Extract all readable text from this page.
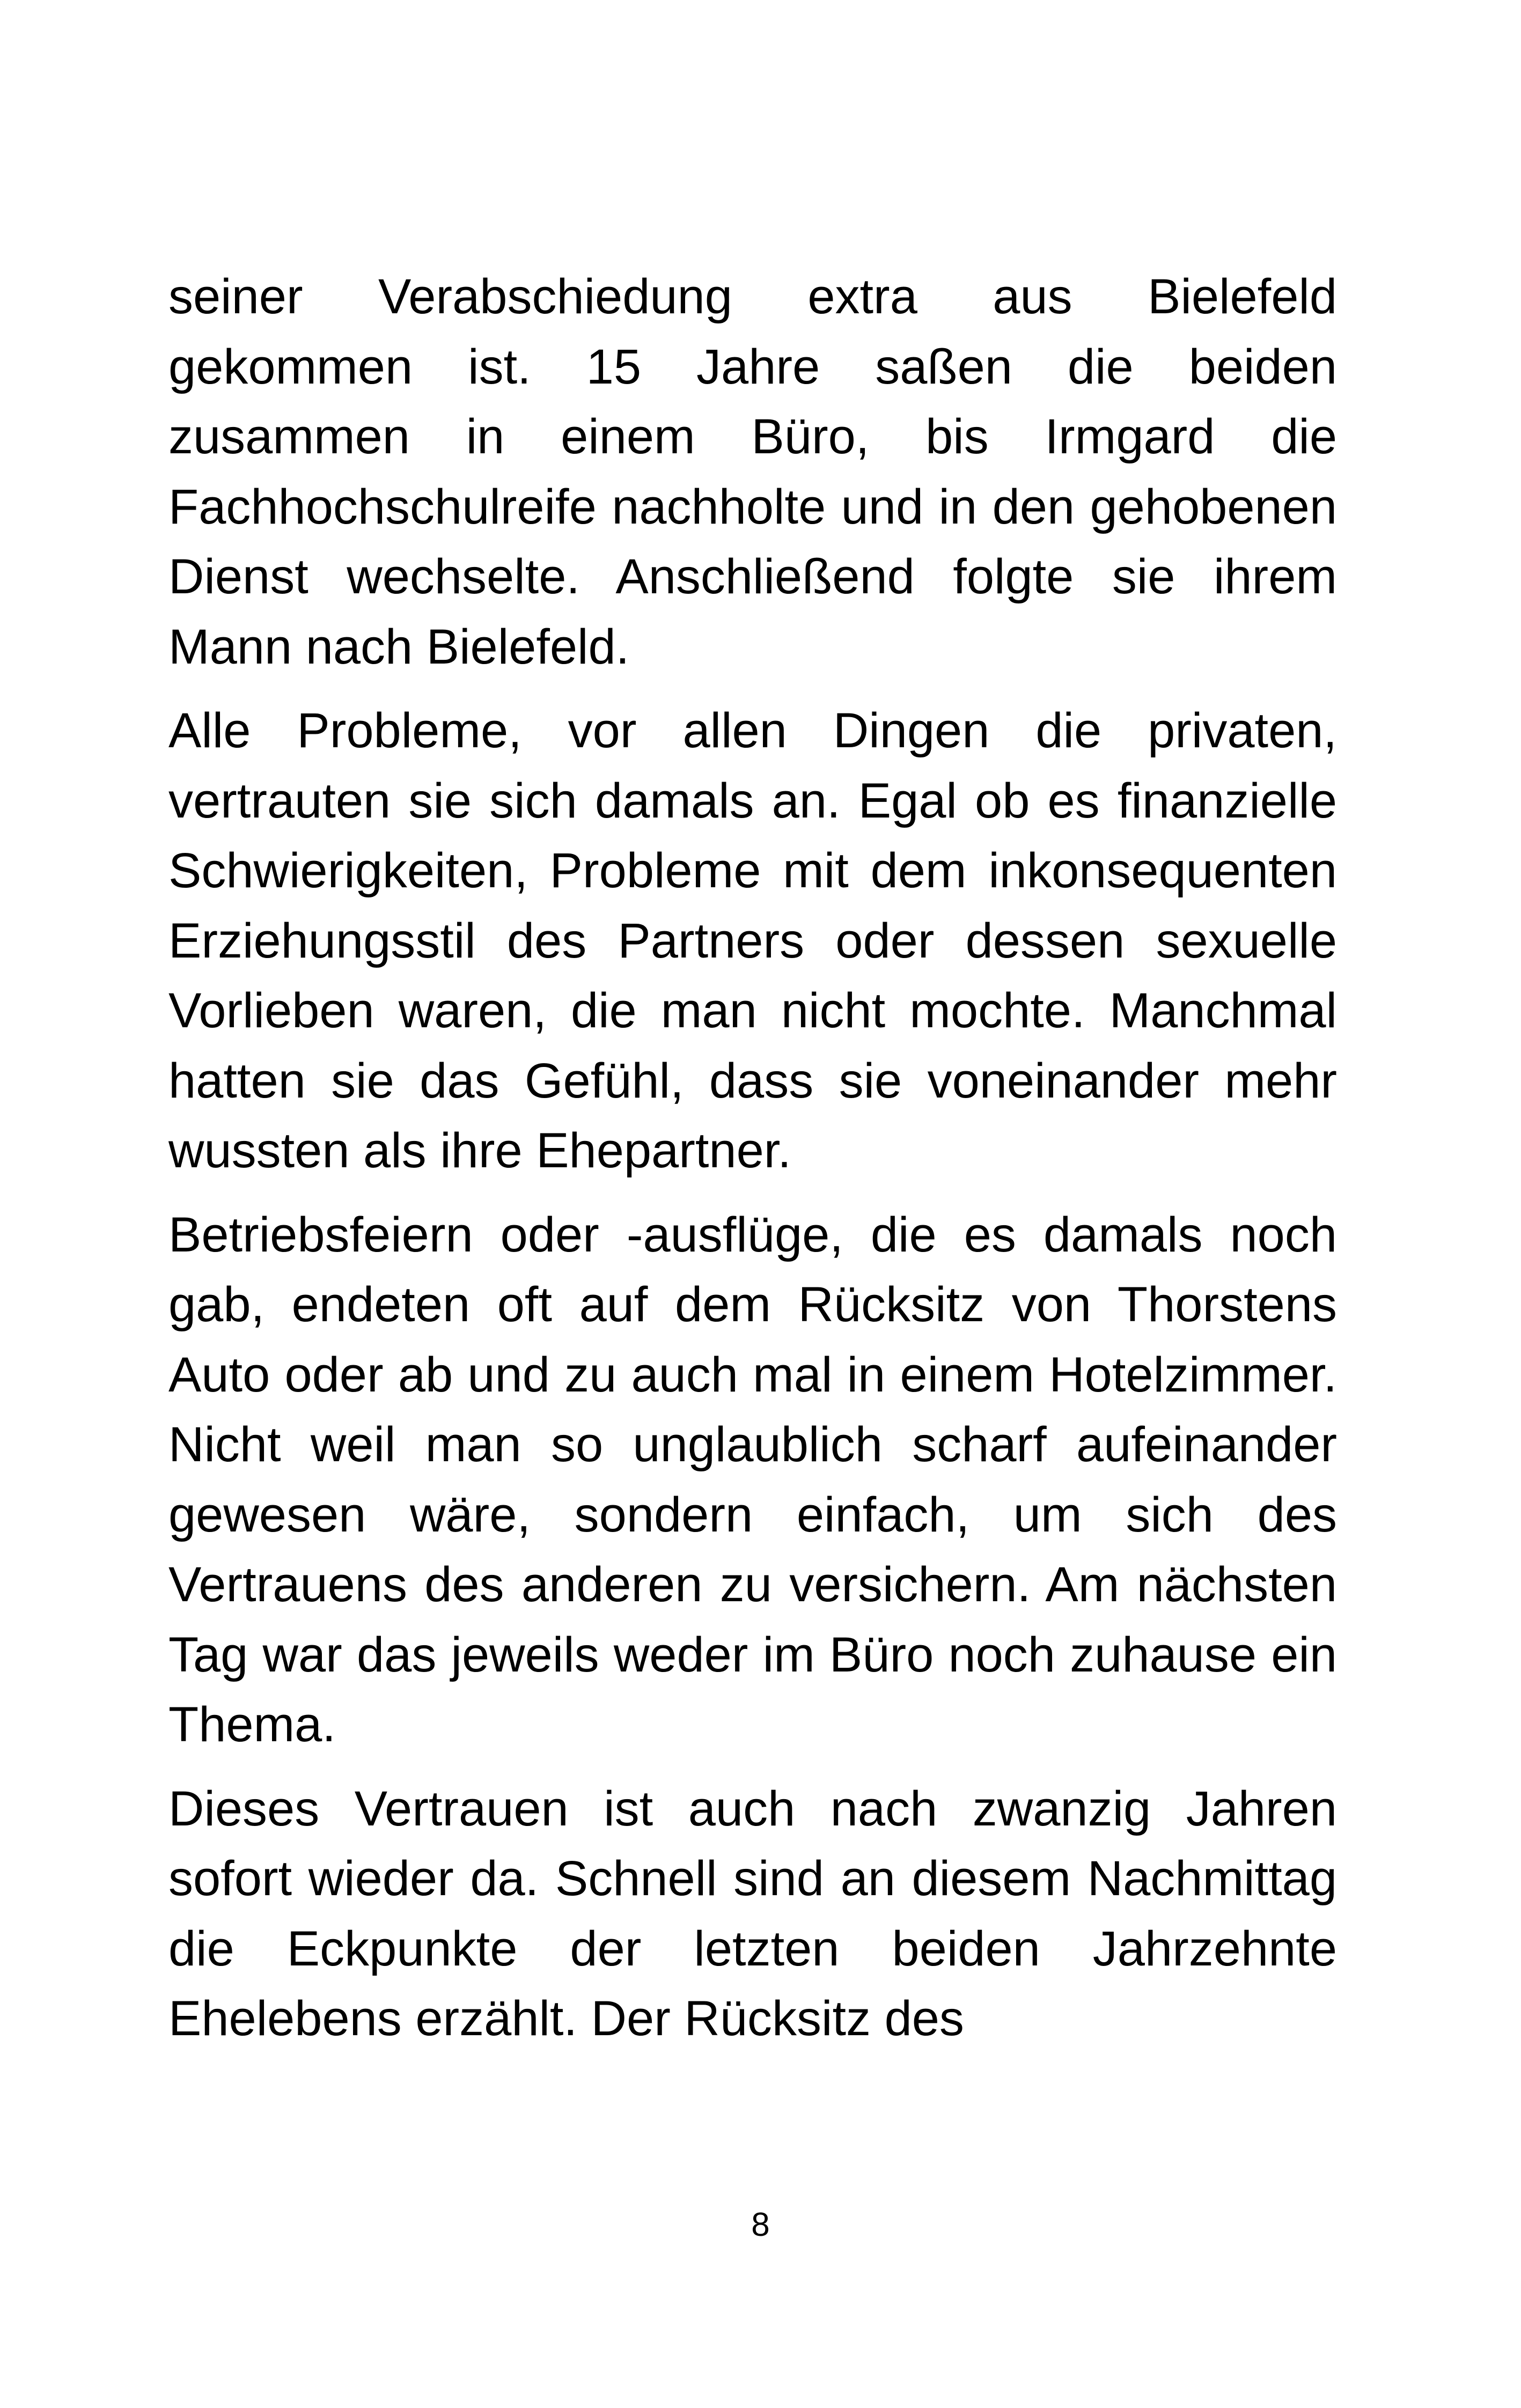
seiner Verabschiedung extra aus Bielefeld gekommen ist. 15 Jahre saßen die beiden zusammen in einem Büro, bis Irmgard die Fachhochschulreife nachholte und in den gehobenen Dienst wechselte. Anschließend folgte sie ihrem Mann nach Bielefeld.

Alle Probleme, vor allen Dingen die privaten, vertrauten sie sich damals an. Egal ob es finanzielle Schwierigkeiten, Probleme mit dem inkonsequenten Erziehungsstil des Partners oder dessen sexuelle Vorlieben waren, die man nicht mochte. Manchmal hatten sie das Gefühl, dass sie voneinander mehr wussten als ihre Ehepartner.

Betriebsfeiern oder -ausflüge, die es damals noch gab, endeten oft auf dem Rücksitz von Thorstens Auto oder ab und zu auch mal in einem Hotelzimmer. Nicht weil man so unglaublich scharf aufeinander gewesen wäre, sondern einfach, um sich des Vertrauens des anderen zu versichern. Am nächsten Tag war das jeweils weder im Büro noch zuhause ein Thema.

Dieses Vertrauen ist auch nach zwanzig Jahren sofort wieder da. Schnell sind an diesem Nachmittag die Eckpunkte der letzten beiden Jahrzehnte Ehelebens erzählt. Der Rücksitz des

8
